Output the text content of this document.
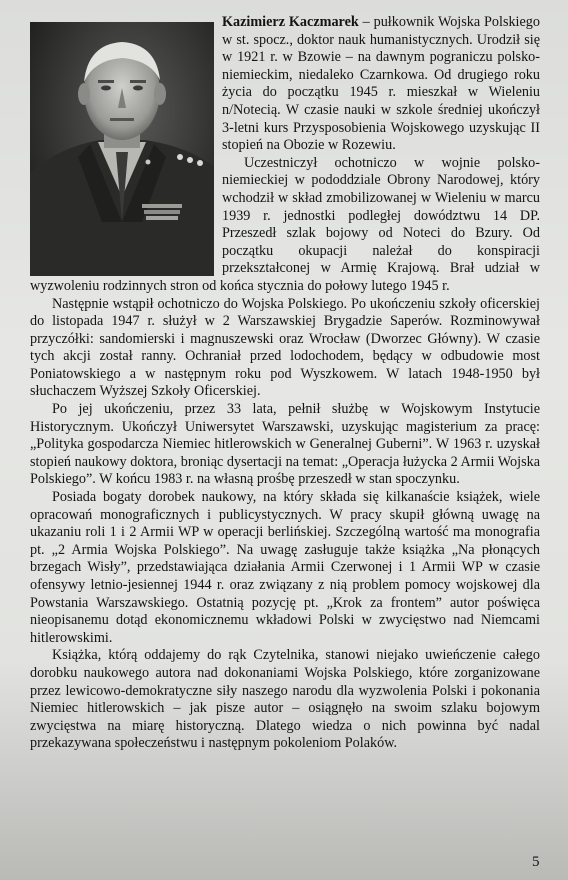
Kazimierz Kaczmarek – pułkownik Wojska Polskiego w st. spocz., doktor nauk humanistycznych. Urodził się w 1921 r. w Bzowie – na dawnym pograniczu polsko-niemieckim, niedaleko Czarnkowa. Od drugiego roku życia do początku 1945 r. mieszkał w Wieleniu n/Notecią. W czasie nauki w szkole średniej ukończył 3-letni kurs Przysposobienia Wojskowego uzyskując II stopień na Obozie w Rozewiu.

Uczestniczył ochotniczo w wojnie polsko-niemieckiej w pododdziale Obrony Narodowej, który wchodził w skład zmobilizowanej w Wieleniu w marcu 1939 r. jednostki podległej dowództwu 14 DP. Przeszedł szlak bojowy od Noteci do Bzury. Od początku okupacji należał do konspiracji przekształconej w Armię Krajową. Brał udział w wyzwoleniu rodzinnych stron od końca stycznia do połowy lutego 1945 r.

Następnie wstąpił ochotniczo do Wojska Polskiego. Po ukończeniu szkoły oficerskiej do listopada 1947 r. służył w 2 Warszawskiej Brygadzie Saperów. Rozminowywał przyczółki: sandomierski i magnuszewski oraz Wrocław (Dworzec Główny). W czasie tych akcji został ranny. Ochraniał przed lodochodem, będący w odbudowie most Poniatowskiego a w następnym roku pod Wyszkowem. W latach 1948-1950 był słuchaczem Wyższej Szkoły Oficerskiej.

Po jej ukończeniu, przez 33 lata, pełnił służbę w Wojskowym Instytucie Historycznym. Ukończył Uniwersytet Warszawski, uzyskując magisterium za pracę: „Polityka gospodarcza Niemiec hitlerowskich w Generalnej Guberni”. W 1963 r. uzyskał stopień naukowy doktora, broniąc dysertacji na temat: „Operacja łużycka 2 Armii Wojska Polskiego”. W końcu 1983 r. na własną prośbę przeszedł w stan spoczynku.

Posiada bogaty dorobek naukowy, na który składa się kilkanaście książek, wiele opracowań monograficznych i publicystycznych. W pracy skupił główną uwagę na ukazaniu roli 1 i 2 Armii WP w operacji berlińskiej. Szczególną wartość ma monografia pt. „2 Armia Wojska Polskiego”. Na uwagę zasługuje także książka „Na płonących brzegach Wisły”, przedstawiająca działania Armii Czerwonej i 1 Armii WP w czasie ofensywy letnio-jesiennej 1944 r. oraz związany z nią problem pomocy wojskowej dla Powstania Warszawskiego. Ostatnią pozycję pt. „Krok za frontem” autor poświęca nieopisanemu dotąd ekonomicznemu wkładowi Polski w zwycięstwo nad Niemcami hitlerowskimi.

Książka, którą oddajemy do rąk Czytelnika, stanowi niejako uwieńczenie całego dorobku naukowego autora nad dokonaniami Wojska Polskiego, które zorganizowane przez lewicowo-demokratyczne siły naszego narodu dla wyzwolenia Polski i pokonania Niemiec hitlerowskich – jak pisze autor – osiągnęło na swoim szlaku bojowym zwycięstwa na miarę historyczną. Dlatego wiedza o nich powinna być nadal przekazywana społeczeństwu i następnym pokoleniom Polaków.

5
